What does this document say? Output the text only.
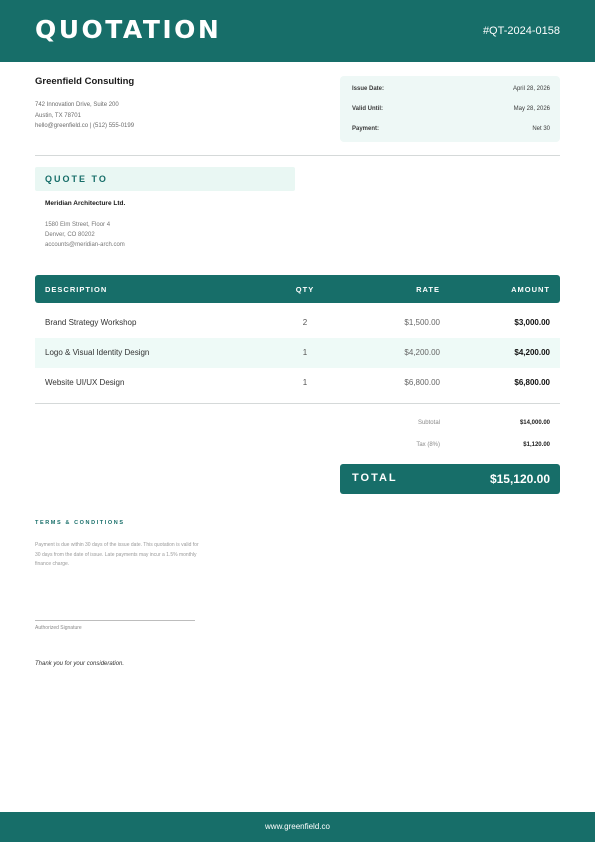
QUOTATION	#QT-2024-0158
Greenfield Consulting
742 Innovation Drive, Suite 200
Austin, TX 78701
hello@greenfield.co | (512) 555-0199
Issue Date:	April 28, 2026
Valid Until:	May 28, 2026
Payment:	Net 30
QUOTE TO
Meridian Architecture Ltd.
1580 Elm Street, Floor 4
Denver, CO 80202
accounts@meridian-arch.com
DESCRIPTION	QTY	RATE	AMOUNT
Brand Strategy Workshop	2	$1,500.00	$3,000.00
Logo & Visual Identity Design	1	$4,200.00	$4,200.00
Website UI/UX Design	1	$6,800.00	$6,800.00
Subtotal	$14,000.00
Tax (8%)	$1,120.00
TOTAL	$15,120.00
TERMS & CONDITIONS
Payment is due within 30 days of the issue date. This quotation is valid for 30 days from the date of issue. Late payments may incur a 1.5% monthly finance charge.
Authorized Signature
Thank you for your consideration.
www.greenfield.co
